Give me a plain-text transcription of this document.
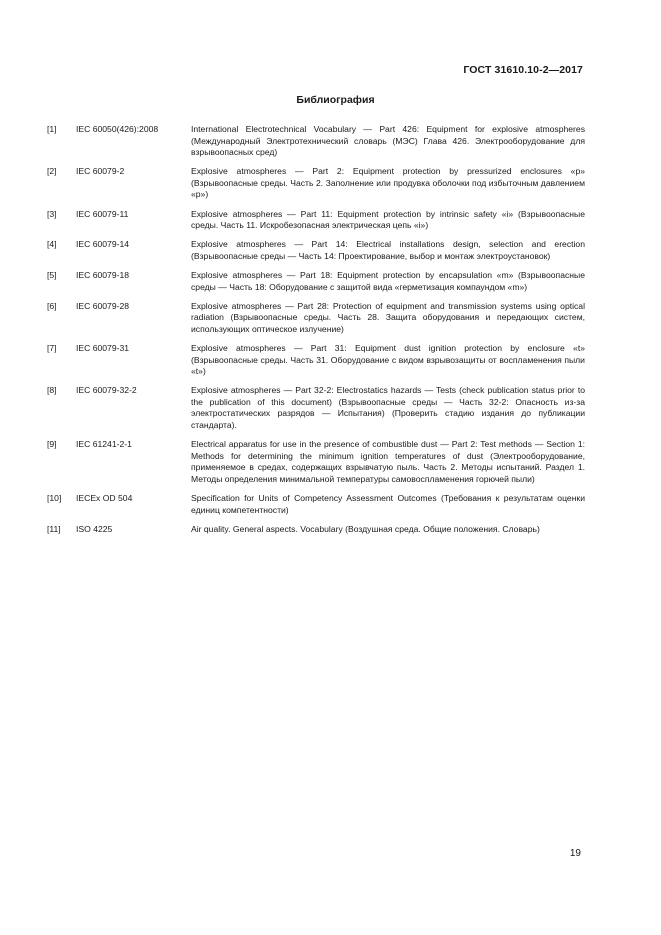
ГОСТ 31610.10-2—2017
Библиография
[1]	IEC 60050(426):2008	International Electrotechnical Vocabulary — Part 426: Equipment for explosive atmospheres (Международный Электротехнический словарь (МЭС) Глава 426. Электрооборудование для взрывоопасных сред)
[2]	IEC 60079-2	Explosive atmospheres — Part 2: Equipment protection by pressurized enclosures «p» (Взрывоопасные среды. Часть 2. Заполнение или продувка оболочки под избыточным давлением «p»)
[3]	IEC 60079-11	Explosive atmospheres — Part 11: Equipment protection by intrinsic safety «i» (Взрывоопасные среды. Часть 11. Искробезопасная электрическая цепь «i»)
[4]	IEC 60079-14	Explosive atmospheres — Part 14: Electrical installations design, selection and erection (Взрывоопасные среды — Часть 14: Проектирование, выбор и монтаж электроустановок)
[5]	IEC 60079-18	Explosive atmospheres — Part 18: Equipment protection by encapsulation «m» (Взрывоопасные среды — Часть 18: Оборудование с защитой вида «герметизация компаундом «m»)
[6]	IEC 60079-28	Explosive atmospheres — Part 28: Protection of equipment and transmission systems using optical radiation (Взрывоопасные среды. Часть 28. Защита оборудования и передающих систем, использующих оптическое излучение)
[7]	IEC 60079-31	Explosive atmospheres — Part 31: Equipment dust ignition protection by enclosure «t» (Взрывоопасные среды. Часть 31. Оборудование с видом взрывозащиты от воспламенения пыли «t»)
[8]	IEC 60079-32-2	Explosive atmospheres — Part 32-2: Electrostatics hazards — Tests (check publication status prior to the publication of this document) (Взрывоопасные среды — Часть 32-2: Опасность из-за электростатических разрядов — Испытания) (Проверить стадию издания до публикации стандарта).
[9]	IEC 61241-2-1	Electrical apparatus for use in the presence of combustible dust — Part 2: Test methods — Section 1: Methods for determining the minimum ignition temperatures of dust (Электрооборудование, применяемое в средах, содержащих взрывчатую пыль. Часть 2. Методы испытаний. Раздел 1. Методы определения минимальной температуры самовоспламенения горючей пыли)
[10]	IECEx OD 504	Specification for Units of Competency Assessment Outcomes (Требования к результатам оценки единиц компетентности)
[11]	ISO 4225	Air quality. General aspects. Vocabulary (Воздушная среда. Общие положения. Словарь)
19
